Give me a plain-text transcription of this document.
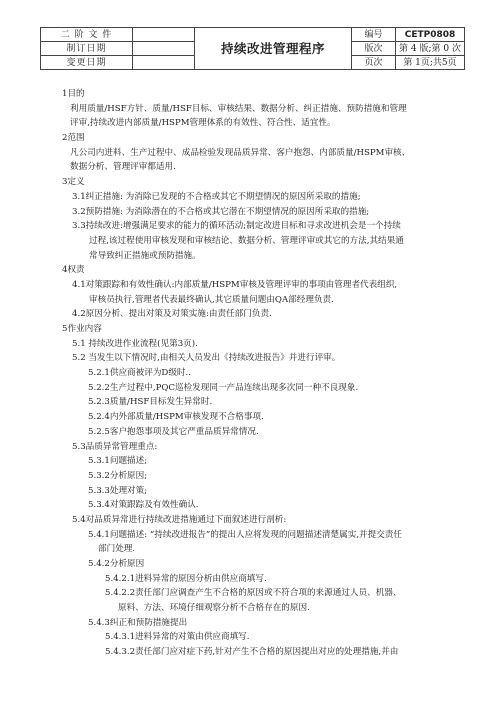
二 阶 文 件		持续改进管理程序	编号	CETP0808
制订日期			版次	第 4 版;第 0 次
变更日期			页次	第 1页;共5页
1目的
利用质量/HSF方针、质量/HSF目标、审核结果、数据分析、纠正措施、预防措施和管理
评审,持续改进内部质量/HSPM管理体系的有效性、符合性、适宜性。
2范围
凡公司内进料、生产过程中、成品检验发现品质异常、客户抱怨、内部质量/HSPM审核、
数据分析、管理评审都适用.
3定义
3.1纠正措施: 为消除已发现的不合格或其它不期望情况的原因所采取的措施;
3.2预防措施: 为消除潜在的不合格或其它潜在不期望情况的原因所采取的措施;
3.3持续改进:增强满足要求的能力的循环活动;制定改进目标和寻求改进机会是一个持续
过程,该过程使用审核发现和审核结论、数据分析、管理评审或其它的方法,其结果通
常导致纠正措施或预防措施。
4权责
4.1对策跟踪和有效性确认:内部质量/HSPM审核及管理评审的事项由管理者代表组织,
审核员执行,管理者代表最终确认,其它质量问题由QA部经理负责.
4.2原因分析、提出对策及对策实施:由责任部门负责.
5作业内容
5.1 持续改进作业流程(见第3页).
5.2 当发生以下情况时,由相关人员发出《持续改进报告》并进行评审。
5.2.1供应商被评为D级时..
5.2.2生产过程中,PQC巡检发现同一产品连续出现多次同一种不良现象.
5.2.3质量/HSF目标发生异常时.
5.2.4内外部质量/HSPM审核发现不合格事项.
5.2.5客户抱怨事项及其它严重品质异常情况.
5.3品质异常管理重点:
5.3.1问题描述;
5.3.2分析原因;
5.3.3处理对策;
5.3.4对策跟踪及有效性确认.
5.4对品质异常进行持续改进措施通过下面叙述进行剖析:
5.4.1问题描述: “持续改进报告”的提出人应将发现的问题描述清楚属实,并提交责任
部门处理.
5.4.2分析原因
5.4.2.1进料异常的原因分析由供应商填写.
5.4.2.2责任部门应调查产生不合格的原因或不符合项的来源通过人员、机器、
原料、方法、环境仔细观察分析不合格存在的原因.
5.4.3纠正和预防措施提出
5.4.3.1进料异常的对策由供应商填写.
5.4.3.2责任部门应对症下药,针对产生不合格的原因提出对应的处理措施,并由
